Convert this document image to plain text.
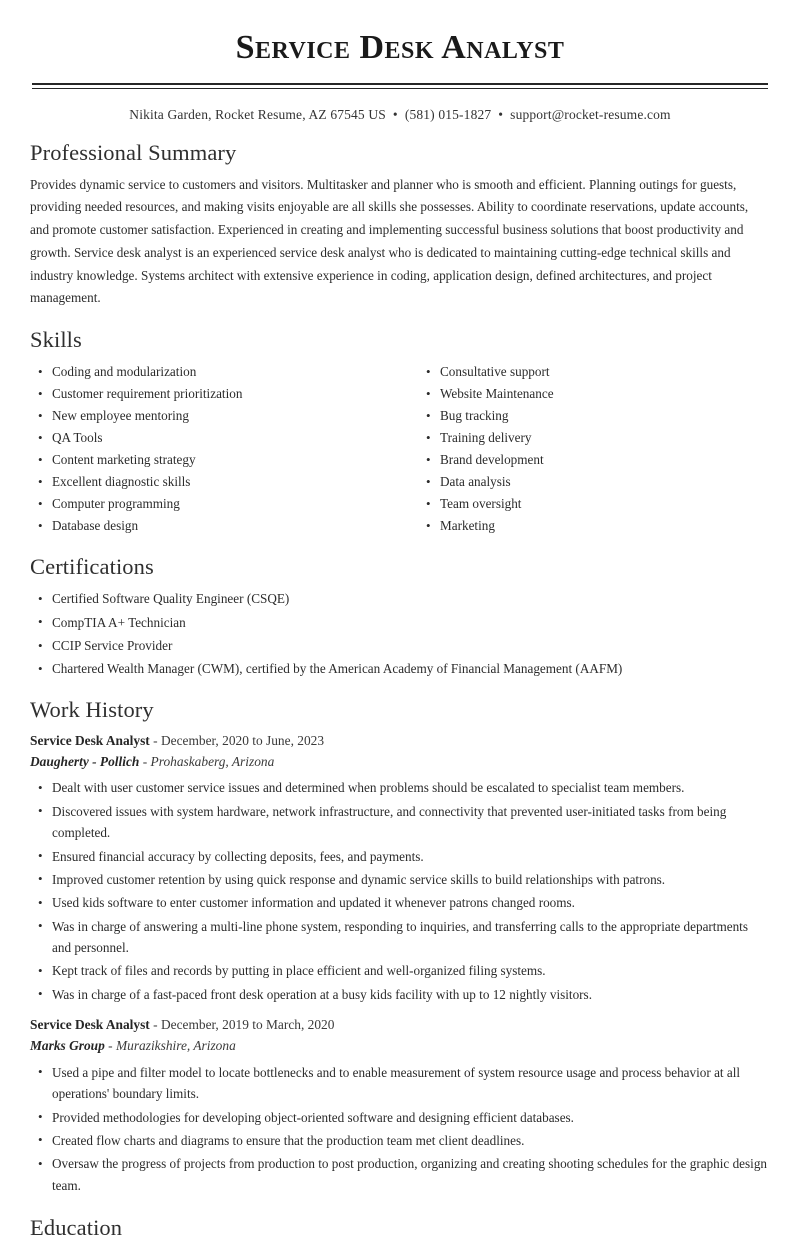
Service Desk Analyst
Nikita Garden, Rocket Resume, AZ 67545 US • (581) 015-1827 • support@rocket-resume.com
Professional Summary

Provides dynamic service to customers and visitors. Multitasker and planner who is smooth and efficient. Planning outings for guests, providing needed resources, and making visits enjoyable are all skills she possesses. Ability to coordinate reservations, update accounts, and promote customer satisfaction. Experienced in creating and implementing successful business solutions that boost productivity and growth. Service desk analyst is an experienced service desk analyst who is dedicated to maintaining cutting-edge technical skills and industry knowledge. Systems architect with extensive experience in coding, application design, defined architectures, and project management.

Skills
• Coding and modularization
• Customer requirement prioritization
• New employee mentoring
• QA Tools
• Content marketing strategy
• Excellent diagnostic skills
• Computer programming
• Database design
• Consultative support
• Website Maintenance
• Bug tracking
• Training delivery
• Brand development
• Data analysis
• Team oversight
• Marketing
Certifications
• Certified Software Quality Engineer (CSQE)
• CompTIA A+ Technician
• CCIP Service Provider
• Chartered Wealth Manager (CWM), certified by the American Academy of Financial Management (AAFM)
Work History
Service Desk Analyst - December, 2020 to June, 2023
Daugherty - Pollich - Prohaskaberg, Arizona
• Dealt with user customer service issues and determined when problems should be escalated to specialist team members.
• Discovered issues with system hardware, network infrastructure, and connectivity that prevented user-initiated tasks from being completed.
• Ensured financial accuracy by collecting deposits, fees, and payments.
• Improved customer retention by using quick response and dynamic service skills to build relationships with patrons.
• Used kids software to enter customer information and updated it whenever patrons changed rooms.
• Was in charge of answering a multi-line phone system, responding to inquiries, and transferring calls to the appropriate departments and personnel.
• Kept track of files and records by putting in place efficient and well-organized filing systems.
• Was in charge of a fast-paced front desk operation at a busy kids facility with up to 12 nightly visitors.
Service Desk Analyst - December, 2019 to March, 2020
Marks Group - Murazikshire, Arizona
• Used a pipe and filter model to locate bottlenecks and to enable measurement of system resource usage and process behavior at all operations' boundary limits.
• Provided methodologies for developing object-oriented software and designing efficient databases.
• Created flow charts and diagrams to ensure that the production team met client deadlines.
• Oversaw the progress of projects from production to post production, organizing and creating shooting schedules for the graphic design team.
Education
